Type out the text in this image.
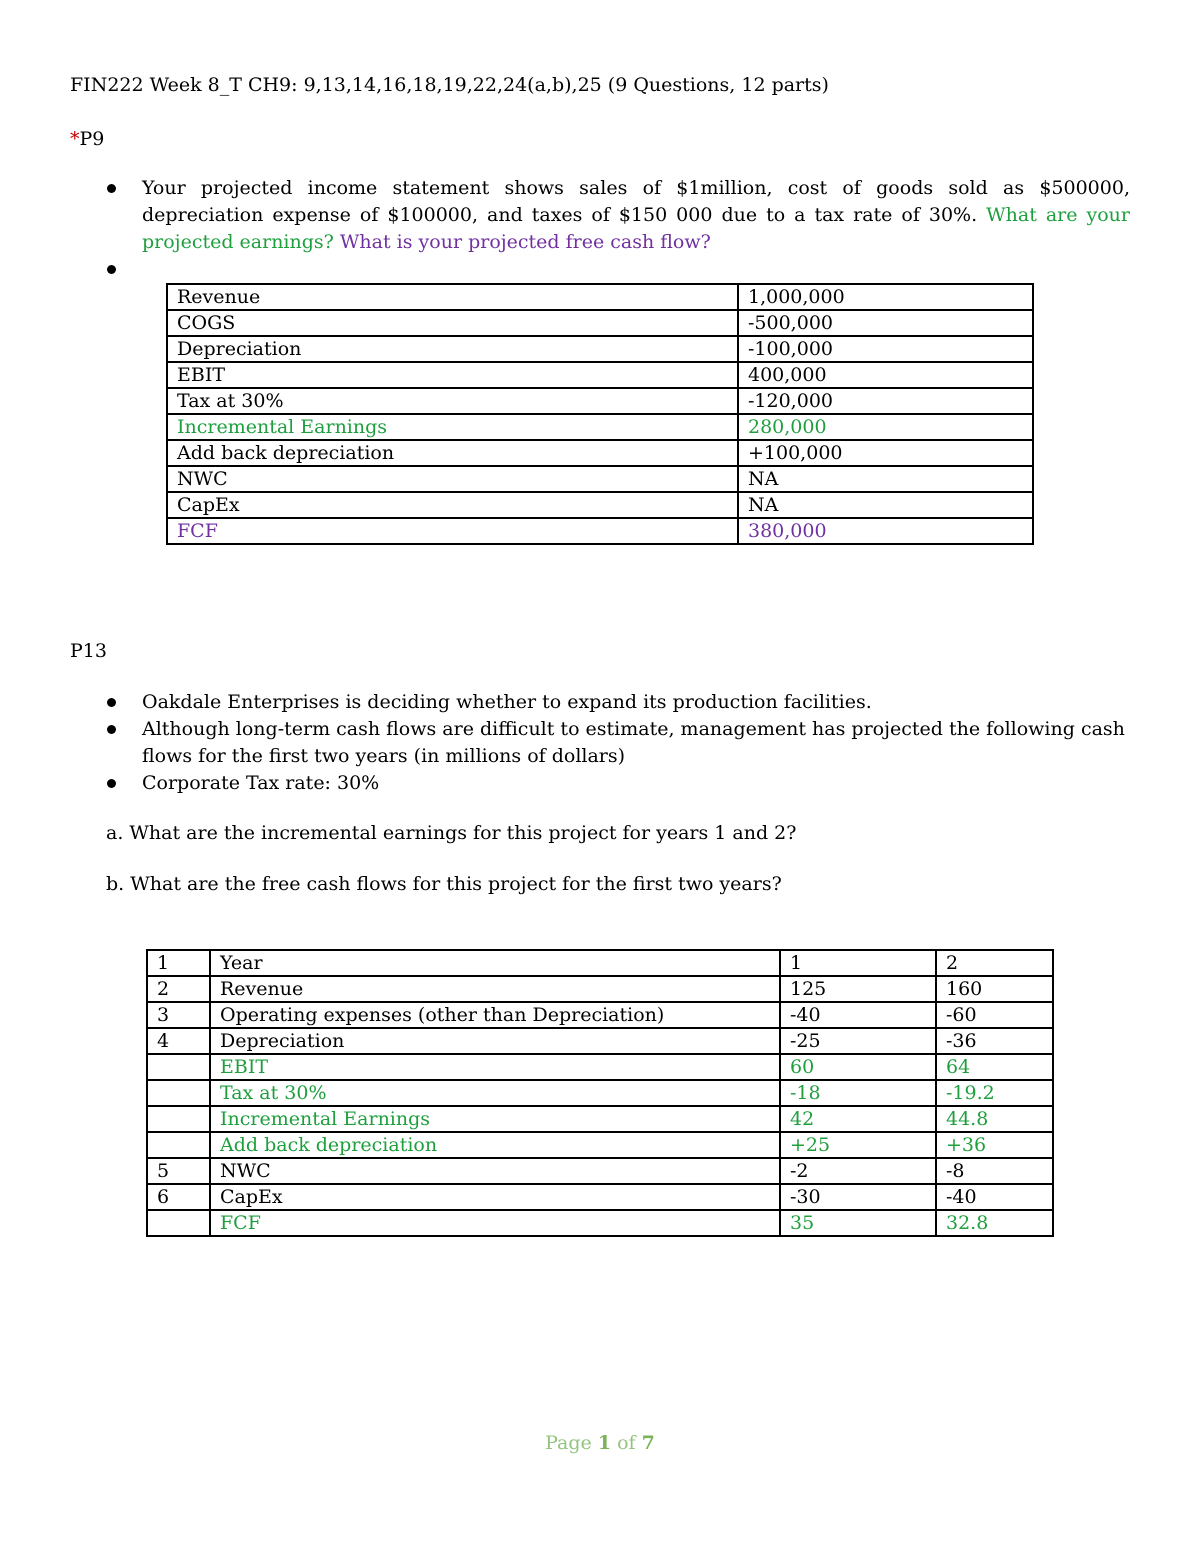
FIN222 Week 8_T CH9: 9,13,14,16,18,19,22,24(a,b),25 (9 Questions, 12 parts)
*P9
Your projected income statement shows sales of $1million, cost of goods sold as $500000, depreciation expense of $100000, and taxes of $150 000 due to a tax rate of 30%. What are your projected earnings? What is your projected free cash flow?
Revenue	1,000,000
COGS	-500,000
Depreciation	-100,000
EBIT	400,000
Tax at 30%	-120,000
Incremental Earnings	280,000
Add back depreciation	+100,000
NWC	NA
CapEx	NA
FCF	380,000
P13
Oakdale Enterprises is deciding whether to expand its production facilities.
Although long-term cash flows are difficult to estimate, management has projected the following cash flows for the first two years (in millions of dollars)
Corporate Tax rate: 30%
a. What are the incremental earnings for this project for years 1 and 2?
b. What are the free cash flows for this project for the first two years?
1	Year	1	2
2	Revenue	125	160
3	Operating expenses (other than Depreciation)	-40	-60
4	Depreciation	-25	-36
	EBIT	60	64
	Tax at 30%	-18	-19.2
	Incremental Earnings	42	44.8
	Add back depreciation	+25	+36
5	NWC	-2	-8
6	CapEx	-30	-40
	FCF	35	32.8
Page 1 of 7
